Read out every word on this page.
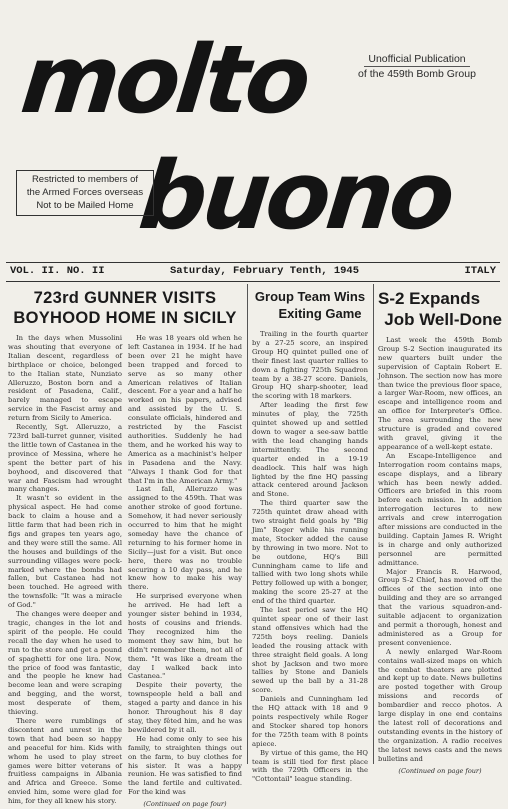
molto
buono
Unofficial Publication
of the 459th Bomb Group
Restricted to members of
the Armed Forces overseas
Not to be Mailed Home
VOL. II. NO. II	Saturday, February Tenth, 1945	ITALY
723rd GUNNER VISITS
BOYHOOD HOME IN SICILY

In the days when Mussolini was shouting that everyone of Italian descent, regardless of birthplace or choice, belonged to the Italian state, Nunziato Alleruzzo, Boston born and a resident of Pasadena, Calif., barely managed to escape service in the Fascist army and return from Sicily to America.

Recently, Sgt. Alleruzzo, a 723rd ball-turret gunner, visited the little town of Castanea in the province of Messina, where he spent the better part of his boyhood, and discovered that war and Fascism had wrought many changes.

It wasn't so evident in the physical aspect. He had come back to claim a house and a little farm that had been rich in figs and grapes ten years ago, and they were still the same. All the houses and buildings of the surrounding villages were pock-marked where the bombs had fallen, but Castanea had not been touched. He agreed with the townsfolk: "It was a miracle of God."

The changes were deeper and tragic, changes in the lot and spirit of the people. He could recall the day when he used to run to the store and get a pound of spaghetti for one lira. Now, the price of food was fantastic, and the people he knew had become lean and were scraping and begging, and the worst, most desperate of them, thieving.

There were rumblings of discontent and unrest in the town that had been so happy and peaceful for him. Kids with whom he used to play street games were bitter veterans of fruitless campaigns in Albania and Africa and Greece. Some envied him, some were glad for him, for they all knew his story.

He was 18 years old when he left Castanea in 1934. If he had been over 21 he might have been trapped and forced to serve as so many other American relatives of Italian descent. For a year and a half he worked on his papers, advised and assisted by the U. S. consulate officials, hindered and restricted by the Fascist authorities. Suddenly he had them, and he worked his way to America as a machinist's helper in Pasadena and the Navy. "Always I thank God for that that I'm in the American Army."

Last fall, Alleruzzo was assigned to the 459th. That was another stroke of good fortune. Somehow, it had never seriously occurred to him that he might someday have the chance of returning to his former home in Sicily—just for a visit. But once here, there was no trouble securing a 10 day pass, and he knew how to make his way there.

He surprised everyone when he arrived. He had left a younger sister behind in 1934, hosts of cousins and friends. They recognized him the moment they saw him, but he didn't remember them, not all of them. "It was like a dream the day I walked back into Castanea."

Despite their poverty, the townspeople held a ball and staged a party and dance in his honor. Throughout his 8 day stay, they fêted him, and he was bewildered by it all.

He had come only to see his family, to straighten things out on the farm, to buy clothes for his sister. It was a happy reunion. He was satisfied to find the land fertile and cultivated. For the kind was

(Continued on page four)
Group Team Wins
Exiting Game

Trailing in the fourth quarter by a 27-25 score, an inspired Group HQ quintet pulled one of their finest last quarter rallies to down a fighting 725th Squadron team by a 38-27 score. Daniels, Group HQ sharp-shooter, lead the scoring with 18 markers.

After leading the first few minutes of play, the 725th quintet showed up and settled down to wager a see-saw battle with the lead changing hands intermittently. The second quarter ended in a 19-19 deadlock. This half was high lighted by the fine HQ passing attack centered around Jackson and Stone.

The third quarter saw the 725th quintet draw ahead with two straight field goals by "Big Jim" Roger while his running mate, Stocker added the cause by throwing in two more. Not to be outdone, HQ's Bill Cunningham came to life and tallied with two long shots while Pettry followed up with a bonger, making the score 25-27 at the end of the third quarter.

The last period saw the HQ quintet spear one of their last stand offensives which had the 725th boys reeling. Daniels leaded the rousing attack with three straight field goals. A long shot by Jackson and two more tallies by Stone and Daniels sewed up the ball by a 31-28 score.

Daniels and Cunningham led the HQ attack with 18 and 9 points respectively while Roger and Stocker shared top honors for the 725th team with 8 points apiece.

By virtue of this game, the HQ team is still tied for first place with the 729th Officers in the "Cottontail" league standing.

S-2 Expands
Job Well-Done

Last week the 459th Bomb Group S-2 Section inaugurated its new quarters built under the supervision of Captain Robert E. Johnson. The section now has more than twice the previous floor space, a larger War-Room, new offices, an escape and intelligence room and an office for Interpreter's Office. The area surrounding the new structure is graded and covered with gravel, giving it the appearance of a well-kept estate.

An Escape-Intelligence and Interrogation room contains maps, escape displays, and a library which has been newly added. Officers are briefed in this room before each mission. In addition interrogation lectures to new arrivals and crew interrogation after missions are conducted in the building. Captain James R. Wright is in charge and only authorized personnel are permitted admittance.

Major Francis R. Harwood, Group S-2 Chief, has moved off the offices of the section into one building and they are so arranged that the various squadron-and-suitable adjacent to organization and permit a thorough, honest and administered as a Group for present convenience.

A newly enlarged War-Room contains wall-sized maps on which the combat theaters are plotted and kept up to date. News bulletins are posted together with Group missions and records of bombardier and recco photos. A large display in one end contains the latest roll of decorations and outstanding events in the history of the organization. A radio receives the latest news casts and the news bulletins and

(Continued on page four)
